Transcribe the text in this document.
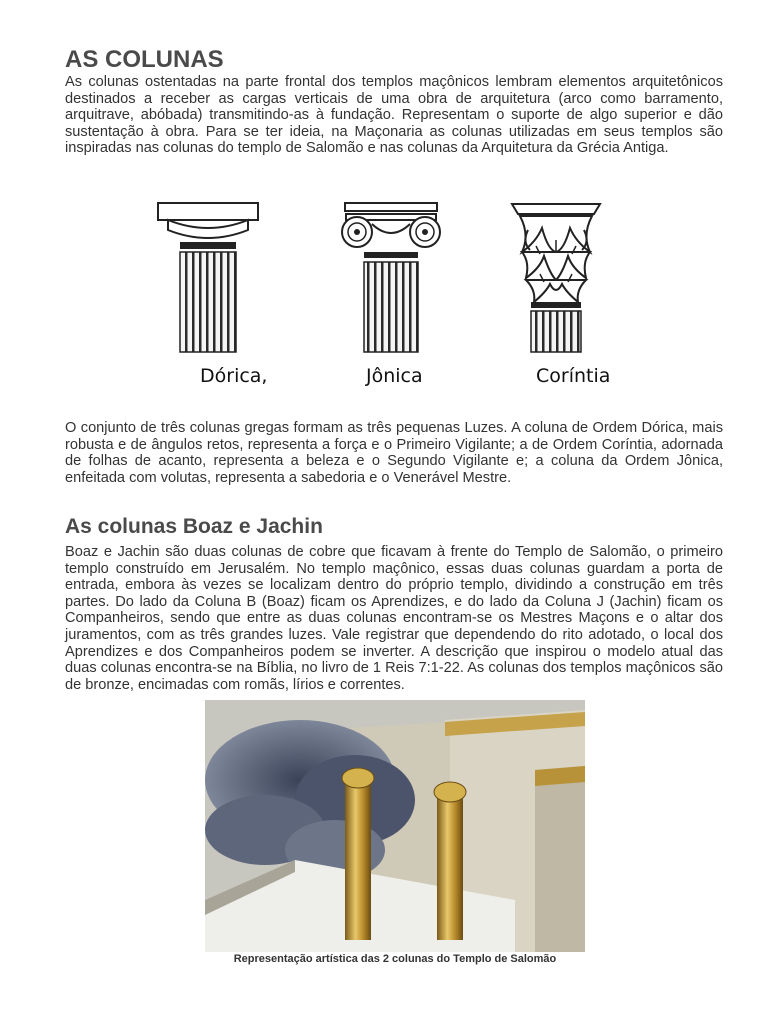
AS COLUNAS

As colunas ostentadas na parte frontal dos templos maçônicos lembram elementos arquitetônicos destinados a receber as cargas verticais de uma obra de arquitetura (arco como barramento, arquitrave, abóbada) transmitindo-as à fundação. Representam o suporte de algo superior e dão sustentação à obra. Para se ter ideia, na Maçonaria as colunas utilizadas em seus templos são inspiradas nas colunas do templo de Salomão e nas colunas da Arquitetura da Grécia Antiga.

Dórica,	Jônica	Coríntia

O conjunto de três colunas gregas formam as três pequenas Luzes. A coluna de Ordem Dórica, mais robusta e de ângulos retos, representa a força e o Primeiro Vigilante; a de Ordem Coríntia, adornada de folhas de acanto, representa a beleza e o Segundo Vigilante e; a coluna da Ordem Jônica, enfeitada com volutas, representa a sabedoria e o Venerável Mestre.

As colunas Boaz e Jachin

Boaz e Jachin são duas colunas de cobre que ficavam à frente do Templo de Salomão, o primeiro templo construído em Jerusalém. No templo maçônico, essas duas colunas guardam a porta de entrada, embora às vezes se localizam dentro do próprio templo, dividindo a construção em três partes. Do lado da Coluna B (Boaz) ficam os Aprendizes, e do lado da Coluna J (Jachin) ficam os Companheiros, sendo que entre as duas colunas encontram-se os Mestres Maçons e o altar dos juramentos, com as três grandes luzes. Vale registrar que dependendo do rito adotado, o local dos Aprendizes e dos Companheiros podem se inverter. A descrição que inspirou o modelo atual das duas colunas encontra-se na Bíblia, no livro de 1 Reis 7:1-22. As colunas dos templos maçônicos são de bronze, encimadas com romãs, lírios e correntes.

Representação artística das 2 colunas do Templo de Salomão
